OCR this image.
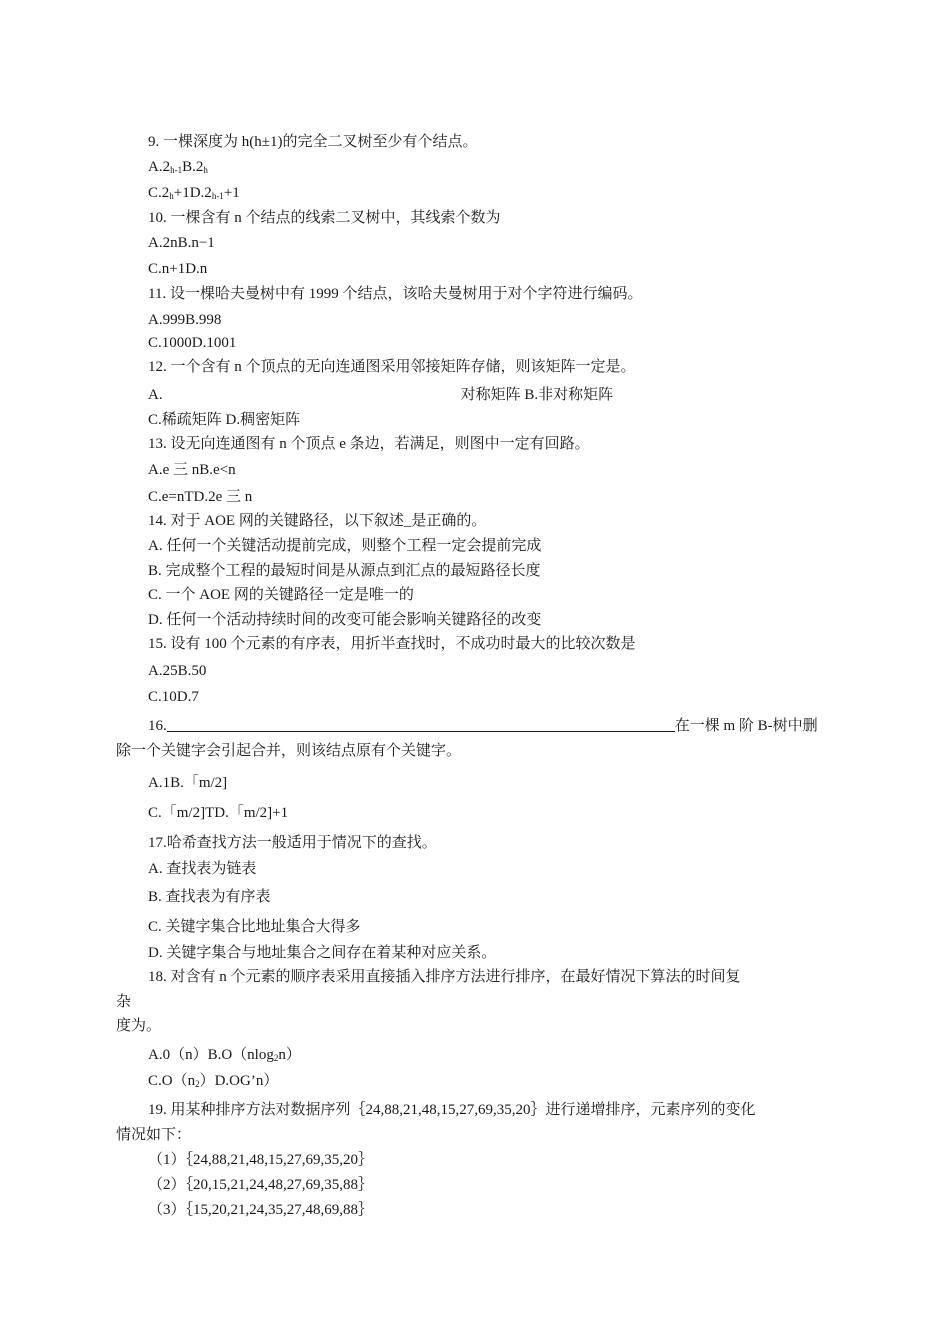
9. 一棵深度为 h(h±1)的完全二叉树至少有个结点。
$A.2_{h-1}B.2_h$
$C.2_h+1D.2_{h-1}+1$
10. 一棵含有 n 个结点的线索二叉树中，其线索个数为
A.2nB.n−1
C.n+1D.n
11. 设一棵哈夫曼树中有 1999 个结点，该哈夫曼树用于对个字符进行编码。
A.999B.998
C.1000D.1001
12. 一个含有 n 个顶点的无向连通图采用邻接矩阵存储，则该矩阵一定是。
A.	对称矩阵 B.非对称矩阵
C.稀疏矩阵 D.稠密矩阵
13. 设无向连通图有 n 个顶点 e 条边，若满足，则图中一定有回路。
A.e 三 nB.e<n
C.e=nTD.2e 三 n
14. 对于 AOE 网的关键路径，以下叙述_是正确的。
A. 任何一个关键活动提前完成，则整个工程一定会提前完成
B. 完成整个工程的最短时间是从源点到汇点的最短路径长度
C. 一个 AOE 网的关键路径一定是唯一的
D. 任何一个活动持续时间的改变可能会影响关键路径的改变
15. 设有 100 个元素的有序表，用折半查找时，不成功时最大的比较次数是
A.25B.50
C.10D.7
16.	在一棵 m 阶 B-树中删
除一个关键字会引起合并，则该结点原有个关键字。
A.1B.「m/2]
C.「m/2]TD.「m/2]+1
17.哈希查找方法一般适用于情况下的查找。
A. 查找表为链表
B. 查找表为有序表
C. 关键字集合比地址集合大得多
D. 关键字集合与地址集合之间存在着某种对应关系。
18. 对含有 n 个元素的顺序表采用直接插入排序方法进行排序，在最好情况下算法的时间复
杂
度为。
A.0（n）B.O（nlog$_2$n）
$C.O(n_2)D.OG’n$）
19. 用某种排序方法对数据序列｛24,88,21,48,15,27,69,35,20｝进行递增排序，元素序列的变化
情况如下：
（1）｛24,88,21,48,15,27,69,35,20｝
（2）｛20,15,21,24,48,27,69,35,88｝
（3）｛15,20,21,24,35,27,48,69,88｝
